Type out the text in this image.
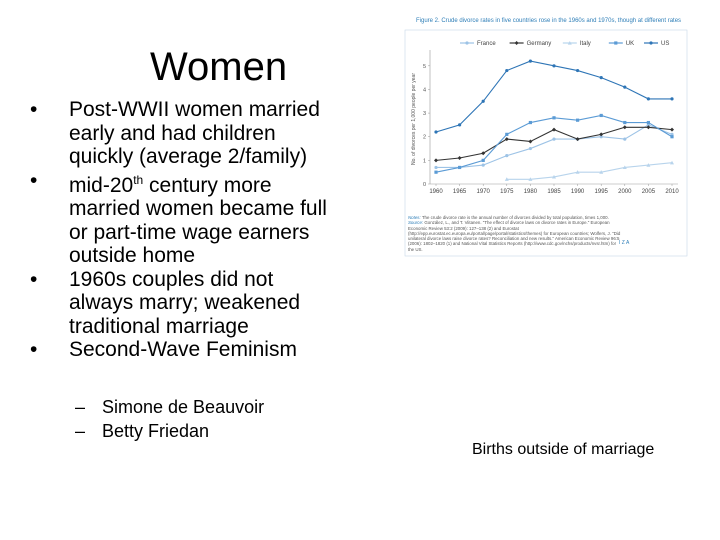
Women
• Post-WWII women married early and had children quickly (average 2/family)
• mid-20th century more married women became full or part-time wage earners outside home
• 1960s couples did not always marry; weakened traditional marriage
• Second-Wave Feminism
– Simone de Beauvoir
– Betty Friedan
Figure 2. Crude divorce rates in five countries rose in the 1960s and 1970s, though at different rates
0
1
2
3
4
5
1960 1965 1970 1975 1980 1985 1990 1995 2000 2005 2010
No. of divorces per 1,000 people per year
France	Germany	Italy	UK	US
Notes: The crude divorce rate is the annual number of divorces divided by total population, times 1,000.
Source: González, L., and T. Viitanen. "The effect of divorce laws on divorce rates in Europe." European Economic Review 53:2 (2009): 127–138 (2) and Eurostat (http://epp.eurostat.ec.europa.eu/portal/page/portal/statistics/themes) for European countries; Wolfers, J. "Did unilateral divorce laws raise divorce rates? Reconciliation and new results." American Economic Review 96:5 (2006): 1802–1820 (1) and National Vital Statistics Reports (http://www.cdc.gov/nchs/products/nvsr.htm) for the US.
I Z A
Births outside of marriage
